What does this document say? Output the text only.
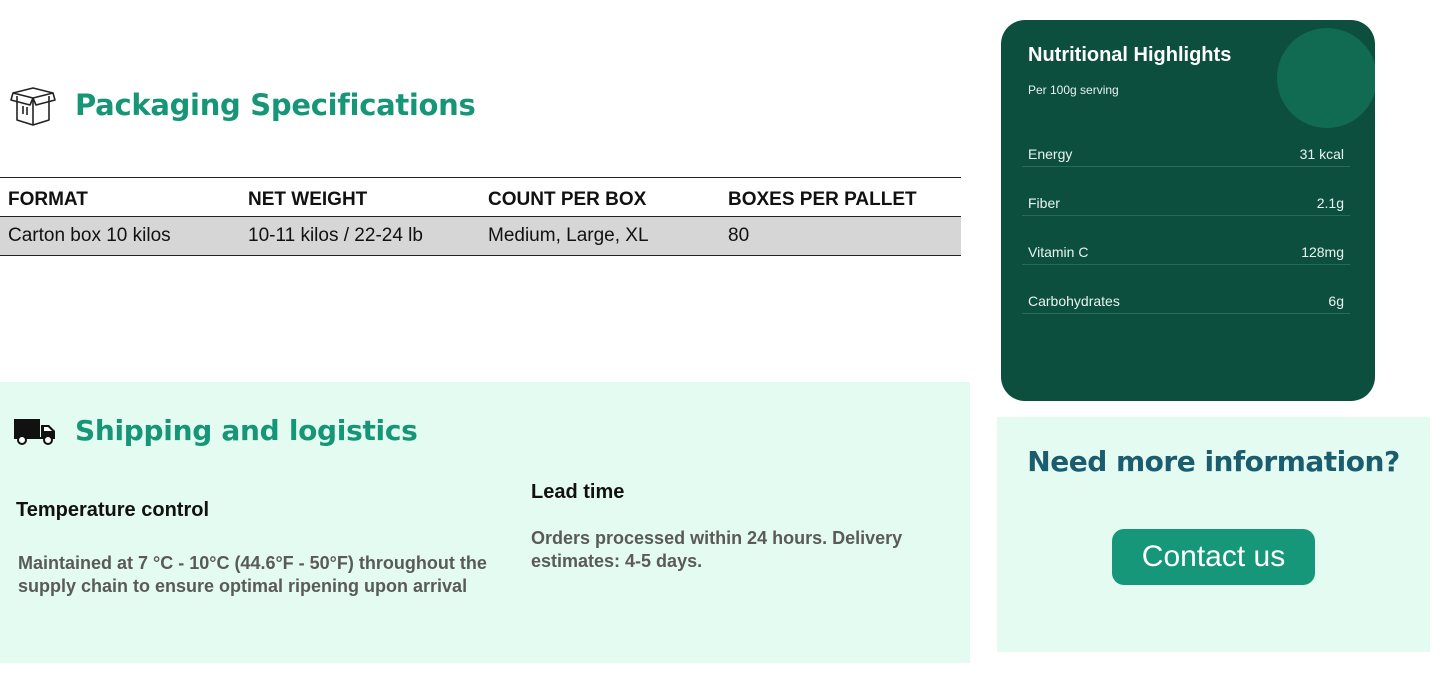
Packaging Specifications
FORMAT	NET WEIGHT	COUNT PER BOX	BOXES PER PALLET
Carton box 10 kilos	10-11 kilos / 22-24 lb	Medium, Large, XL	80
Shipping and logistics
Temperature control

Maintained at 7 °C - 10°C (44.6°F - 50°F) throughout the supply chain to ensure optimal ripening upon arrival

Lead time

Orders processed within 24 hours. Delivery estimates: 4-5 days.

Nutritional Highlights
Per 100g serving
Energy	31 kcal
Fiber	2.1g
Vitamin C	128mg
Carbohydrates	6g
Need more information?
Contact us
